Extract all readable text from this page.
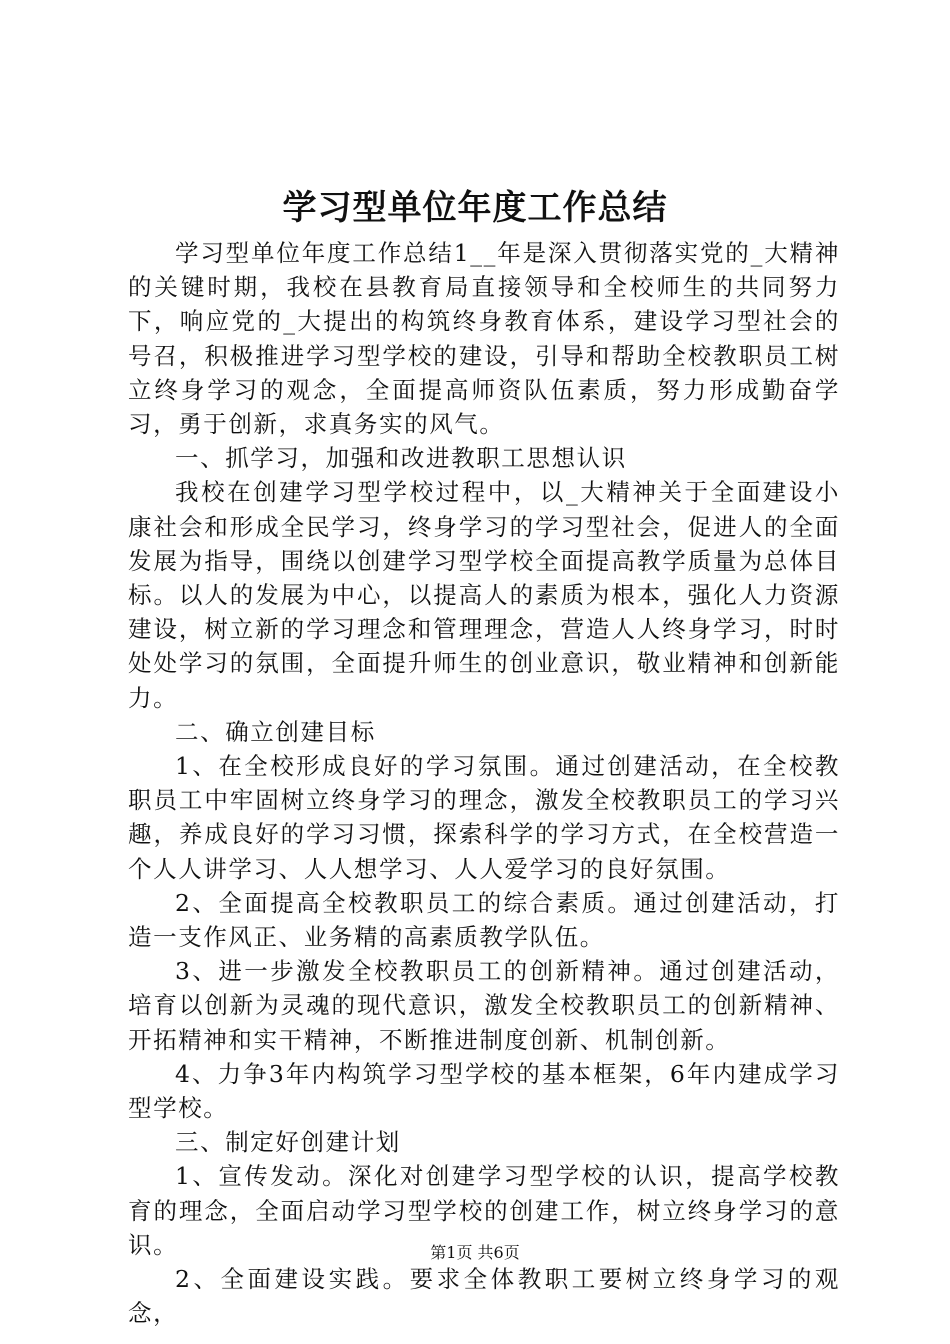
学习型单位年度工作总结

学习型单位年度工作总结1__年是深入贯彻落实党的_大精神的关键时期，我校在县教育局直接领导和全校师生的共同努力下，响应党的_大提出的构筑终身教育体系，建设学习型社会的号召，积极推进学习型学校的建设，引导和帮助全校教职员工树立终身学习的观念，全面提高师资队伍素质，努力形成勤奋学习，勇于创新，求真务实的风气。

一、抓学习，加强和改进教职工思想认识

我校在创建学习型学校过程中，以_大精神关于全面建设小康社会和形成全民学习，终身学习的学习型社会，促进人的全面发展为指导，围绕以创建学习型学校全面提高教学质量为总体目标。以人的发展为中心，以提高人的素质为根本，强化人力资源建设，树立新的学习理念和管理理念，营造人人终身学习，时时处处学习的氛围，全面提升师生的创业意识，敬业精神和创新能力。

二、确立创建目标

1、在全校形成良好的学习氛围。通过创建活动，在全校教职员工中牢固树立终身学习的理念，激发全校教职员工的学习兴趣，养成良好的学习习惯，探索科学的学习方式，在全校营造一个人人讲学习、人人想学习、人人爱学习的良好氛围。

2、全面提高全校教职员工的综合素质。通过创建活动，打造一支作风正、业务精的高素质教学队伍。

3、进一步激发全校教职员工的创新精神。通过创建活动，培育以创新为灵魂的现代意识，激发全校教职员工的创新精神、开拓精神和实干精神，不断推进制度创新、机制创新。

4、力争3年内构筑学习型学校的基本框架，6年内建成学习型学校。

三、制定好创建计划

1、宣传发动。深化对创建学习型学校的认识，提高学校教育的理念，全面启动学习型学校的创建工作，树立终身学习的意识。

2、全面建设实践。要求全体教职工要树立终身学习的观念，

第1页 共6页
